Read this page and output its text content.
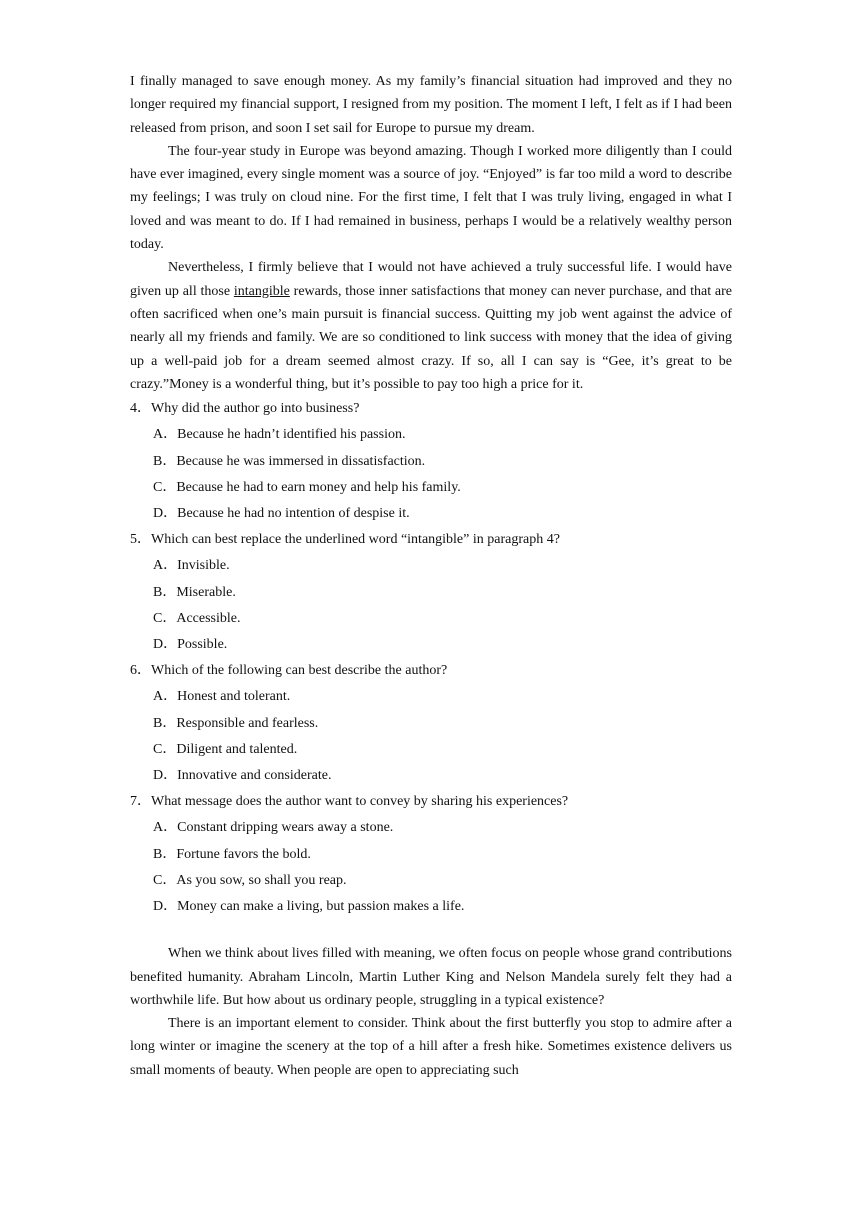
I finally managed to save enough money. As my family’s financial situation had improved and they no longer required my financial support, I resigned from my position. The moment I left, I felt as if I had been released from prison, and soon I set sail for Europe to pursue my dream.

The four-year study in Europe was beyond amazing. Though I worked more diligently than I could have ever imagined, every single moment was a source of joy. “Enjoyed” is far too mild a word to describe my feelings; I was truly on cloud nine. For the first time, I felt that I was truly living, engaged in what I loved and was meant to do. If I had remained in business, perhaps I would be a relatively wealthy person today.

Nevertheless, I firmly believe that I would not have achieved a truly successful life. I would have given up all those intangible rewards, those inner satisfactions that money can never purchase, and that are often sacrificed when one’s main pursuit is financial success. Quitting my job went against the advice of nearly all my friends and family. We are so conditioned to link success with money that the idea of giving up a well-paid job for a dream seemed almost crazy. If so, all I can say is “Gee, it’s great to be crazy.”Money is a wonderful thing, but it’s possible to pay too high a price for it.

4．Why did the author go into business?

A．Because he hadn’t identified his passion.

B．Because he was immersed in dissatisfaction.

C．Because he had to earn money and help his family.

D．Because he had no intention of despise it.

5．Which can best replace the underlined word “intangible” in paragraph 4?

A．Invisible.

B．Miserable.

C．Accessible.

D．Possible.

6．Which of the following can best describe the author?

A．Honest and tolerant.

B．Responsible and fearless.

C．Diligent and talented.

D．Innovative and considerate.

7．What message does the author want to convey by sharing his experiences?

A．Constant dripping wears away a stone.

B．Fortune favors the bold.

C．As you sow, so shall you reap.

D．Money can make a living, but passion makes a life.

When we think about lives filled with meaning, we often focus on people whose grand contributions benefited humanity. Abraham Lincoln, Martin Luther King and Nelson Mandela surely felt they had a worthwhile life. But how about us ordinary people, struggling in a typical existence?

There is an important element to consider. Think about the first butterfly you stop to admire after a long winter or imagine the scenery at the top of a hill after a fresh hike. Sometimes existence delivers us small moments of beauty. When people are open to appreciating such
